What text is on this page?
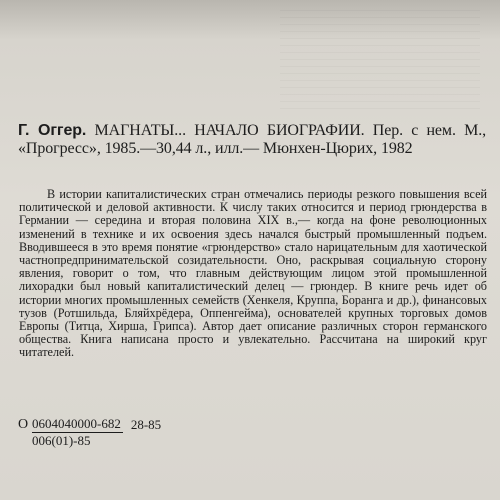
Г. Оггер. МАГНАТЫ... НАЧАЛО БИОГРАФИИ. Пер. с нем. М., «Прогресс», 1985.—30,44 л., илл.— Мюнхен-Цюрих, 1982

В истории капиталистических стран отмечались периоды резкого повышения всей политической и деловой активности. К числу таких относится и период грюндерства в Германии — середина и вторая половина XIX в.,— когда на фоне революционных изменений в технике и их освоения здесь начался быстрый промышленный подъем. Вводившееся в это время понятие «грюндерство» стало нарицательным для хаотической частнопредпринимательской созидательности. Оно, раскрывая социальную сторону явления, говорит о том, что главным действующим лицом этой промышленной лихорадки был новый капиталистический делец — грюндер. В книге речь идет об истории многих промышленных семейств (Хенкеля, Круппа, Боранга и др.), финансовых тузов (Ротшильда, Бляйхрёдера, Оппенгейма), основателей крупных торговых домов Европы (Титца, Хирша, Грипса). Автор дает описание различных сторон германского общества. Книга написана просто и увлекательно. Рассчитана на широкий круг читателей.

О 0604040000-682 28-85
006(01)-85
